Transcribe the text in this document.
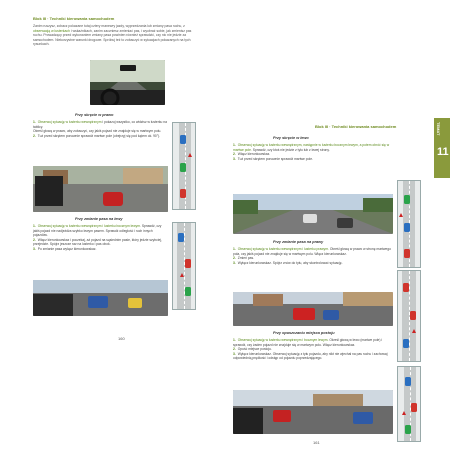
Blok III · Techniki kierowania samochodem
Zanim ruszysz, zobacz pokazane tutaj cztery manewry jazdy, wyprzedzania lub zmiany pasa ruchu, z obserwacją w lusterkach i wskaźnikach, zanim zaczniesz zmieniać pas, i wyobraź sobie, jak zmienisz pas ruchu. Prowadzący przed wykonaniem zmiany pasa powinien również sprawdzić, czy nic nie jedzie za samochodem. Niekorzystne warunki drogowe. Spróbuj też to zobaczyć w sytuacjach pokazanych na tych rysunkach.
Przy skręcie w prawo
1. Obserwuj sytuację w lusterku wewnętrznym i pokazuj wszystko, co widzisz w lusterku na tablicy.
Określ głową w prawo, aby zobaczyć, czy jakiś pojazd nie znajduje się w martwym polu.
2. Tuż przed skrętem ponownie sprawdź martwe pole (obejrzyj się pod kątem ok. 90°).
Przy zmianie pasa na lewy
1. Obserwuj sytuację w lusterku wewnętrznym i lusterku bocznym lewym. Sprawdź, czy jakiś pojazd nie nadjeżdża szybko lewym pasem. Sprawdź odległość i ruch innych pojazdów.
2. Włącz kierunkowskaz i poczekaj, aż pojazd na sąsiednim pasie, który jedzie szybciej, przejedzie. Spójrz jeszcze raz na lusterko i pas obok.
3. Po zmianie pasa wyłącz kierunkowskaz.
160
Blok III · Techniki kierowania samochodem	TEMAT
11
Przy skręcie w lewo
1. Obserwuj sytuację w lusterku wewnętrznym, następnie w lusterku bocznym lewym, a potem obróć się w martwe pole. Sprawdź, czy ktoś nie jedzie z tyłu lub z lewej strony.
2. Włącz kierunkowskaz.
3. Tuż przed skrętem ponownie sprawdź martwe pole.
Przy zmianie pasa na prawy
1. Obserwuj sytuację w lusterku wewnętrznym i lusterku prawym. Określ głową w prawo w stronę martwego pola, czy jakiś pojazd nie znajduje się w martwym polu. Włącz kierunkowskaz.
2. Zmień pas.
3. Wyłącz kierunkowskaz. Spójrz znów do tyłu, aby skontrolować sytuację.
Przy opuszczaniu miejsca postoju
1. Obserwuj sytuację w lusterku wewnętrznym i bocznym lewym. Określ głową w lewo (martwe pole) i sprawdź, czy żaden pojazd nie znajduje się w martwym polu. Włącz kierunkowskaz.
2. Opuść miejsce postoju.
3. Wyłącz kierunkowskaz. Obserwuj sytuację z tyłu pojazdu, aby nikt nie wjechał na pas ruchu i zachowaj odpowiednią prędkość i odstęp od pojazdu poprzedzającego.
161
